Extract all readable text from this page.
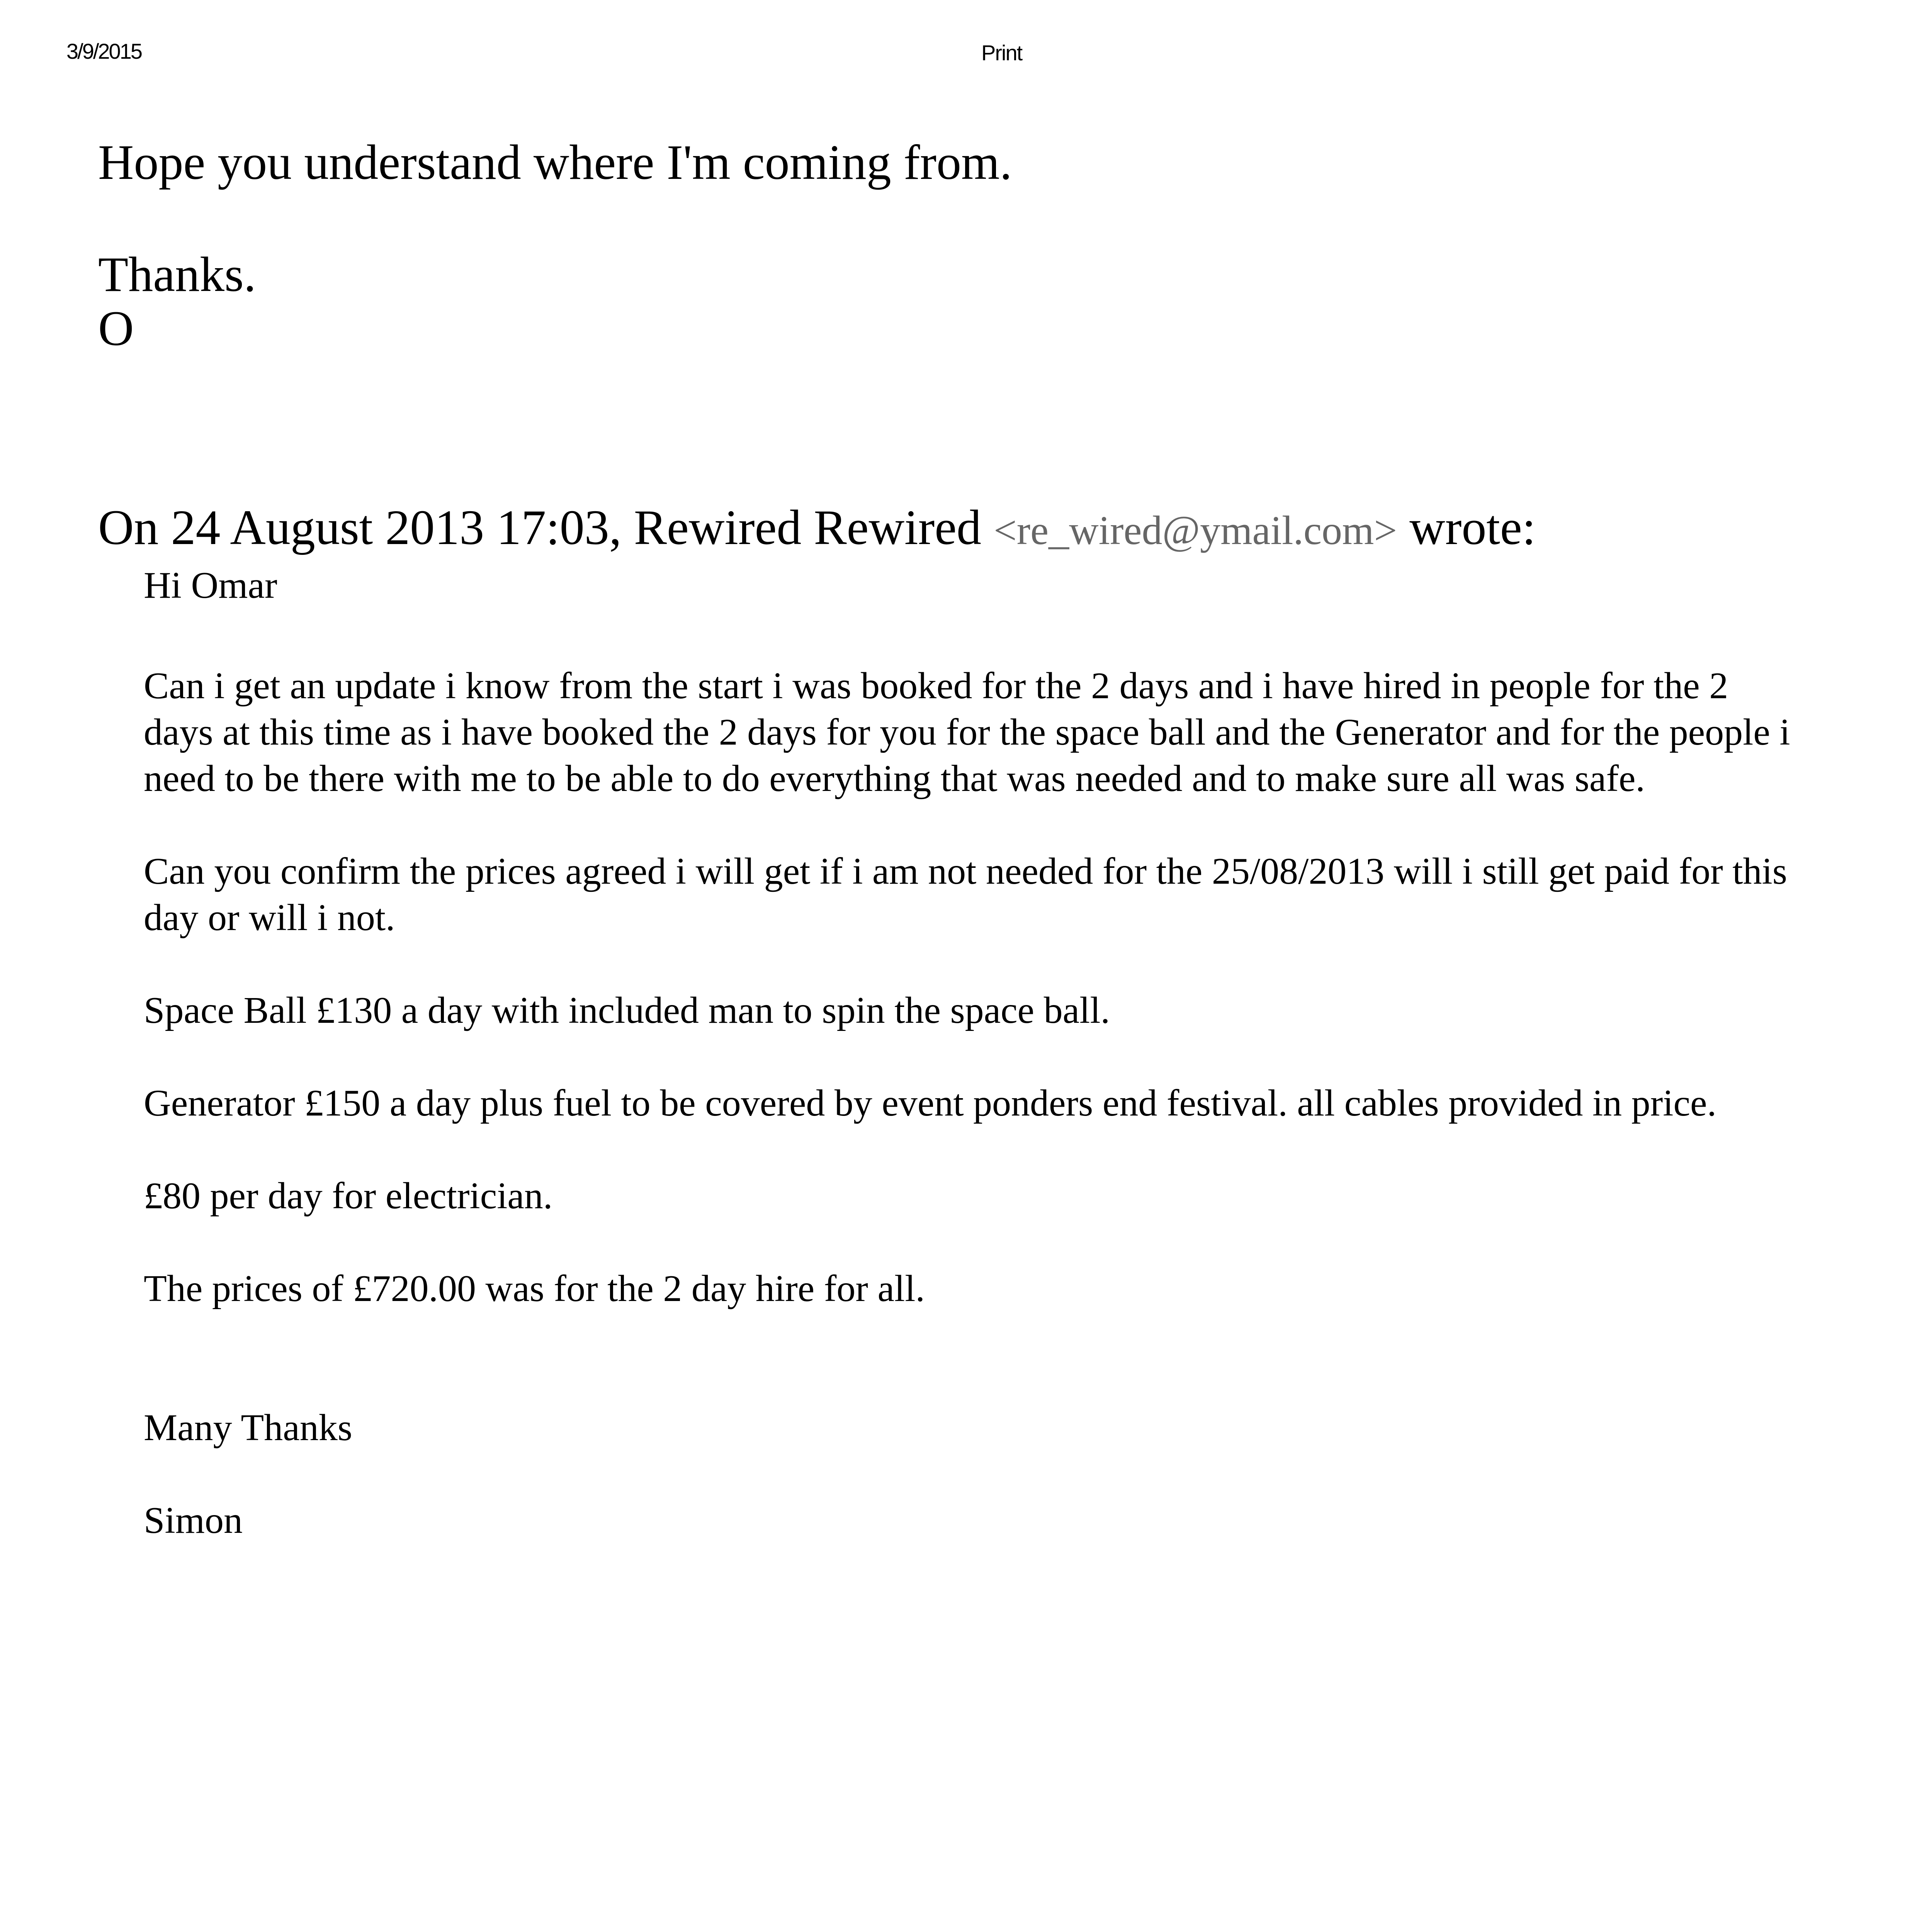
3/9/2015	Print
Hope you understand where I'm coming from.
Thanks.
O
On 24 August 2013 17:03, Rewired Rewired <re_wired@ymail.com> wrote:

Hi Omar

Can i get an update i know from the start i was booked for the 2 days and i have hired in people for the 2 days at this time as i have booked the 2 days for you for the space ball and the Generator and for the people i need to be there with me to be able to do everything that was needed and to make sure all was safe.

Can you confirm the prices agreed i will get if i am not needed for the 25/08/2013 will i still get paid for this day or will i not.

Space Ball £130 a day with included man to spin the space ball.

Generator £150 a day plus fuel to be covered by event ponders end festival. all cables provided in price.

£80 per day for electrician.

The prices of £720.00 was for the 2 day hire for all.

Many Thanks

Simon
